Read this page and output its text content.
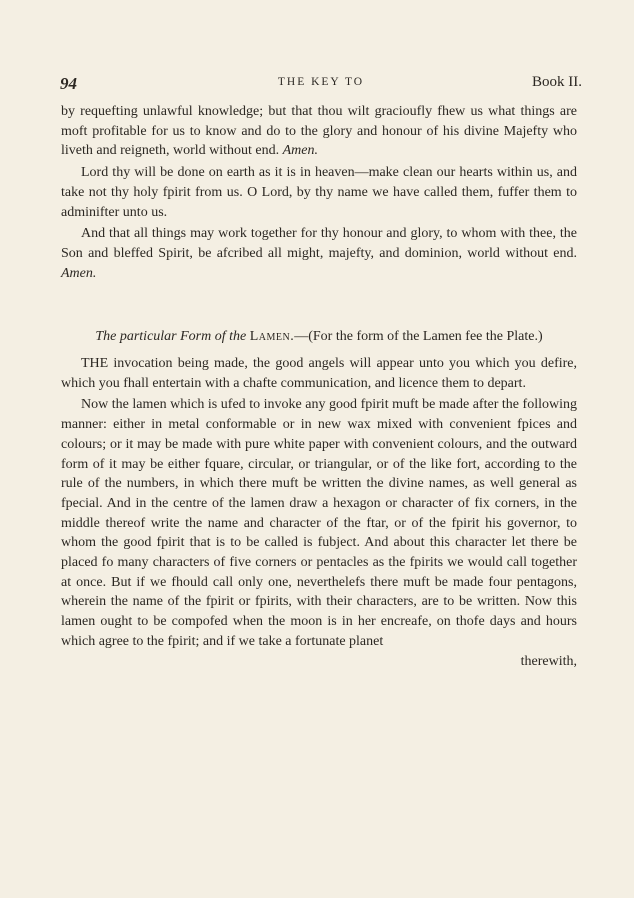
94	THE KEY TO	Book II.

by requefting unlawful knowledge; but that thou wilt gracioufly fhew us what things are moft profitable for us to know and do to the glory and honour of his divine Majefty who liveth and reigneth, world without end. Amen.

Lord thy will be done on earth as it is in heaven—make clean our hearts within us, and take not thy holy fpirit from us. O Lord, by thy name we have called them, fuffer them to adminifter unto us.

And that all things may work together for thy honour and glory, to whom with thee, the Son and bleffed Spirit, be afcribed all might, majefty, and dominion, world without end. Amen.

The particular Form of the Lamen.—(For the form of the Lamen fee the Plate.)

THE invocation being made, the good angels will appear unto you which you defire, which you fhall entertain with a chafte communication, and licence them to depart.

Now the lamen which is ufed to invoke any good fpirit muft be made after the following manner: either in metal conformable or in new wax mixed with convenient fpices and colours; or it may be made with pure white paper with convenient colours, and the outward form of it may be either fquare, circular, or triangular, or of the like fort, according to the rule of the numbers, in which there muft be written the divine names, as well general as fpecial. And in the centre of the lamen draw a hexagon or character of fix corners, in the middle thereof write the name and character of the ftar, or of the fpirit his governor, to whom the good fpirit that is to be called is fubject. And about this character let there be placed fo many characters of five corners or pentacles as the fpirits we would call together at once. But if we fhould call only one, neverthelefs there muft be made four pentagons, wherein the name of the fpirit or fpirits, with their characters, are to be written. Now this lamen ought to be compofed when the moon is in her encreafe, on thofe days and hours which agree to the fpirit; and if we take a fortunate planet

therewith,
